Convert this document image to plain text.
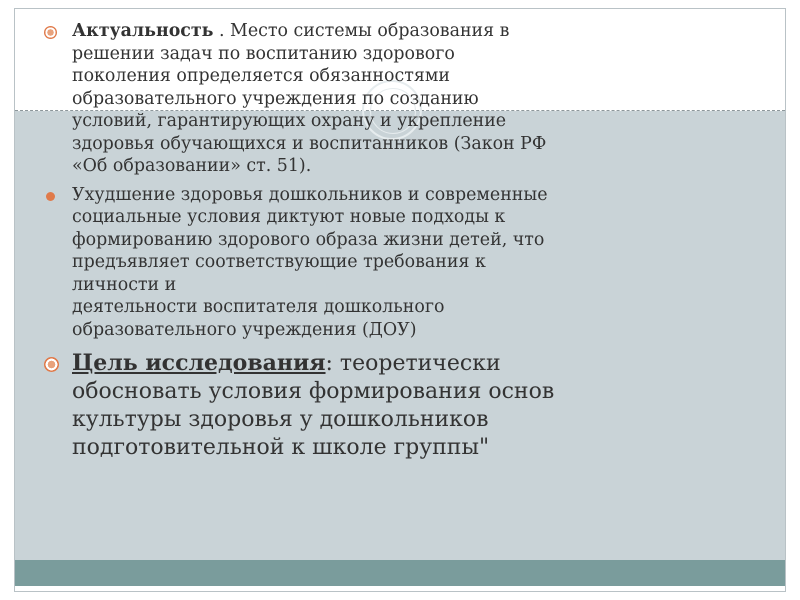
Актуальность . Место системы образования в
решении задач по воспитанию здорового
поколения определяется обязанностями
образовательного учреждения по созданию
условий, гарантирующих охрану и укрепление
здоровья обучающихся и воспитанников (Закон РФ
«Об образовании» ст. 51).
Ухудшение здоровья дошкольников и современные
социальные условия диктуют новые подходы к
формированию здорового образа жизни детей, что
предъявляет соответствующие требования к
личности и
деятельности воспитателя дошкольного
образовательного учреждения (ДОУ)
Цель исследования: теоретически
обосновать условия формирования основ
культуры здоровья у дошкольников
подготовительной к школе группы"
